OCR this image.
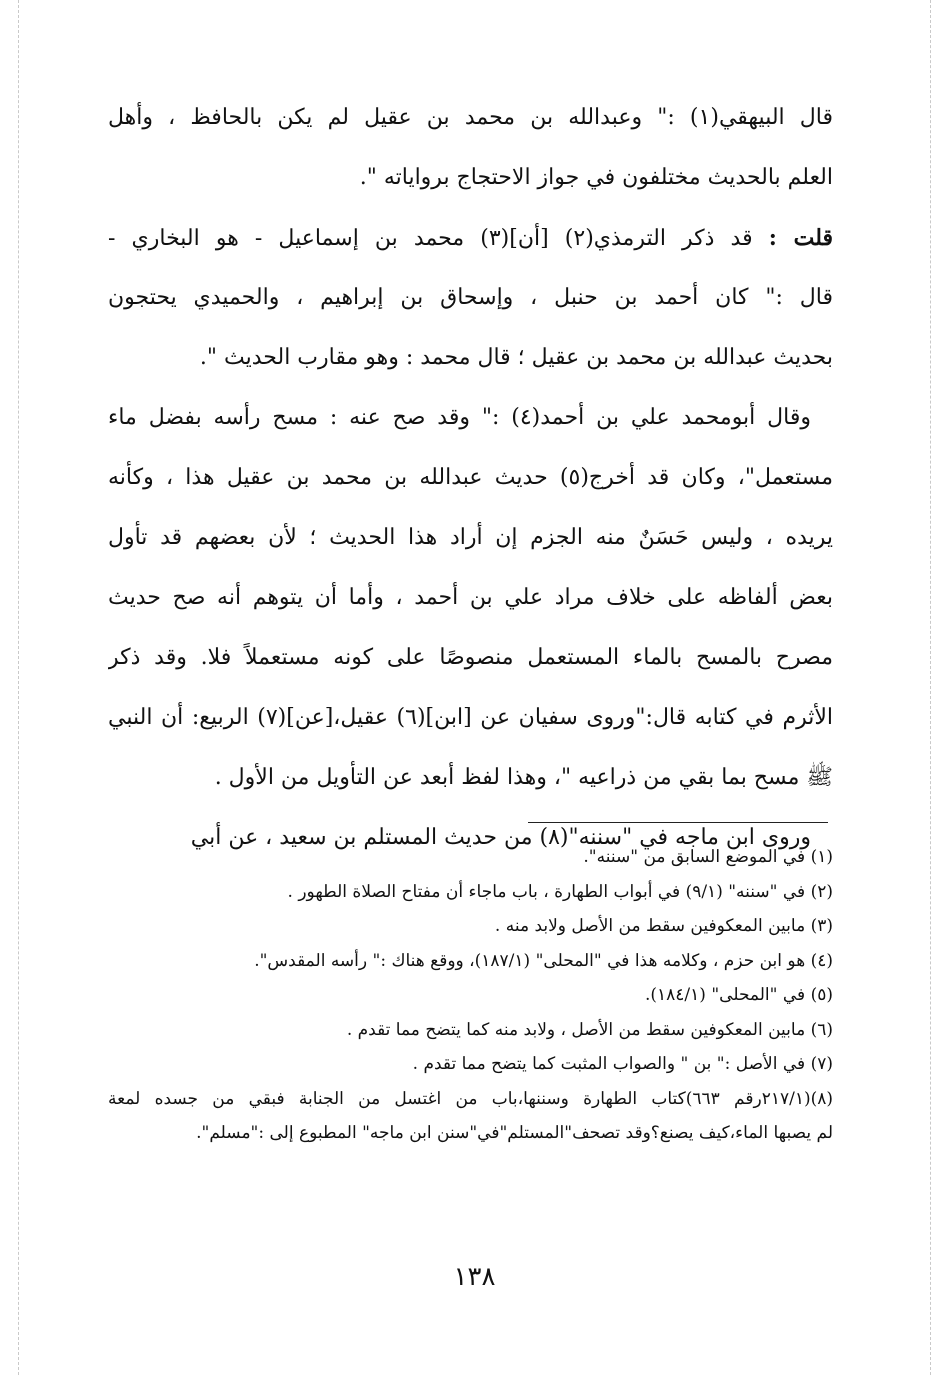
قال البيهقي(١) :" وعبدالله بن محمد بن عقيل لم يكن بالحافظ ، وأهل
العلم بالحديث مختلفون في جواز الاحتجاج برواياته ".
قلت : قد ذكر الترمذي(٢) [أن](٣) محمد بن إسماعيل - هو البخاري -
قال :" كان أحمد بن حنبل ، وإسحاق بن إبراهيم ، والحميدي يحتجون
بحديث عبدالله بن محمد بن عقيل ؛ قال محمد : وهو مقارب الحديث ".
وقال أبومحمد علي بن أحمد(٤) :" وقد صح عنه : مسح رأسه بفضل ماء
مستعمل"، وكان قد أخرج(٥) حديث عبدالله بن محمد بن عقيل هذا ، وكأنه
يريده ، وليس حَسَنٌ منه الجزم إن أراد هذا الحديث ؛ لأن بعضهم قد تأول
بعض ألفاظه على خلاف مراد علي بن أحمد ، وأما أن يتوهم أنه صح حديث
مصرح بالمسح بالماء المستعمل منصوصًا على كونه مستعملاً فلا. وقد ذكر
الأثرم في كتابه قال:"وروى سفيان عن [ابن](٦) عقيل،[عن](٧) الربيع: أن النبي
ﷺ مسح بما بقي من ذراعيه "، وهذا لفظ أبعد عن التأويل من الأول .
وروى ابن ماجه في "سننه"(٨) من حديث المستلم بن سعيد ، عن أبي
(١) في الموضع السابق من "سننه".
(٢) في "سننه" (٩/١) في أبواب الطهارة ، باب ماجاء أن مفتاح الصلاة الطهور .
(٣) مابين المعكوفين سقط من الأصل ولابد منه .
(٤) هو ابن حزم ، وكلامه هذا في "المحلى" (١٨٧/١)، ووقع هناك :" رأسه المقدس".
(٥) في "المحلى" (١٨٤/١).
(٦) مابين المعكوفين سقط من الأصل ، ولابد منه كما يتضح مما تقدم .
(٧) في الأصل :" بن " والصواب المثبت كما يتضح مما تقدم .
(٨)(٢١٧/١رقم ٦٦٣)كتاب الطهارة وسننها،باب من اغتسل من الجنابة فبقي من جسده لمعة
لم يصبها الماء،كيف يصنع؟وقد تصحف"المستلم"في"سنن ابن ماجه" المطبوع إلى :"مسلم".
١٣٨
